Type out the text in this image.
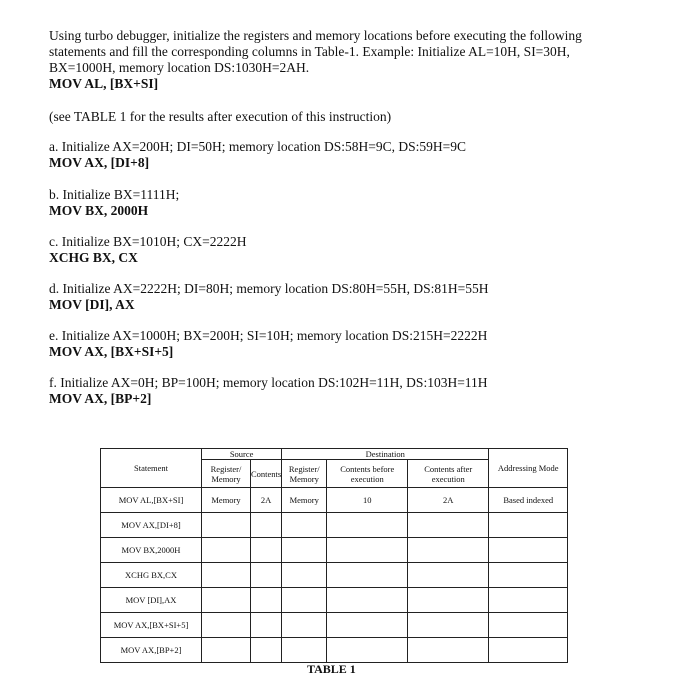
Using turbo debugger, initialize the registers and memory locations before executing the following

statements and fill the corresponding columns in Table-1. Example: Initialize AL=10H, SI=30H,

BX=1000H, memory location DS:1030H=2AH.

MOV AL, [BX+SI]

(see TABLE 1 for the results after execution of this instruction)

a. Initialize AX=200H; DI=50H; memory location DS:58H=9C, DS:59H=9C

MOV AX, [DI+8]

b. Initialize BX=1111H;

MOV BX, 2000H

c. Initialize BX=1010H; CX=2222H

XCHG BX, CX

d. Initialize AX=2222H; DI=80H; memory location DS:80H=55H, DS:81H=55H

MOV [DI], AX

e. Initialize AX=1000H; BX=200H; SI=10H; memory location DS:215H=2222H

MOV AX, [BX+SI+5]

f. Initialize AX=0H; BP=100H; memory location DS:102H=11H, DS:103H=11H

MOV AX, [BP+2]

Statement	Source		Destination			Addressing Mode
	Register/ Memory	Contents	Register/ Memory	Contents before execution	Contents after execution	
MOV AL,[BX+SI]	Memory	2A	Memory	10	2A	Based indexed
MOV AX,[DI+8]						
MOV BX,2000H						
XCHG BX,CX						
MOV [DI],AX						
MOV AX,[BX+SI+5]						
MOV AX,[BP+2]						
TABLE 1
